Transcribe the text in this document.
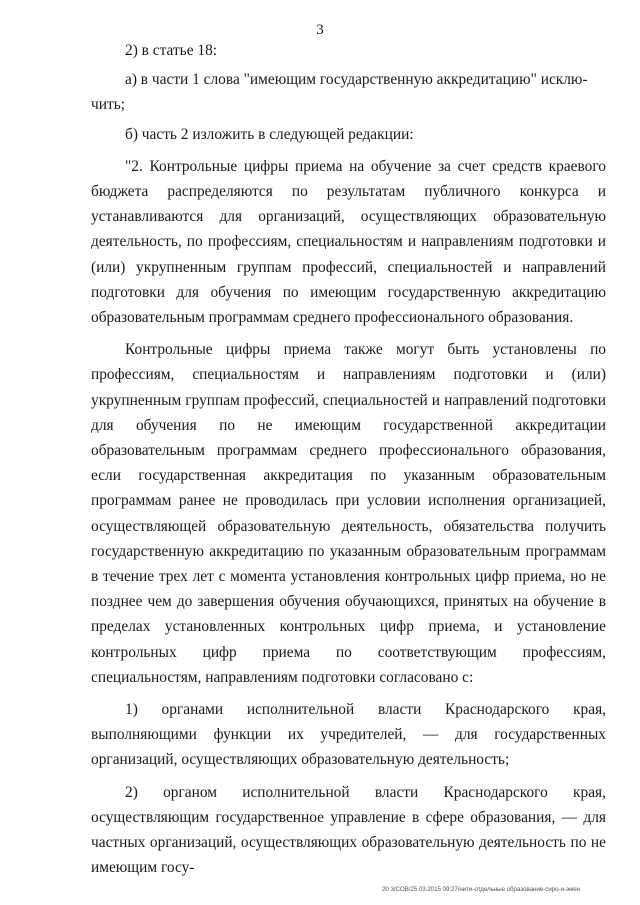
3

2) в статье 18:

а) в части 1 слова "имеющим государственную аккредитацию" исклю-

чить;

б) часть 2 изложить в следующей редакции:

"2. Контрольные цифры приема на обучение за счет средств краевого бюджета распределяются по результатам публичного конкурса и устанавливаются для организаций, осуществляющих образовательную деятельность, по профессиям, специальностям и направлениям подготовки и (или) укрупненным группам профессий, специальностей и направлений подготовки для обучения по имеющим государственную аккредитацию образовательным программам среднего профессионального образования.

Контрольные цифры приема также могут быть установлены по профессиям, специальностям и направлениям подготовки и (или) укрупненным группам профессий, специальностей и направлений подготовки для обучения по не имеющим государственной аккредитации образовательным программам среднего профессионального образования, если государственная аккредитация по указанным образовательным программам ранее не проводилась при условии исполнения организацией, осуществляющей образовательную деятельность, обязательства получить государственную аккредитацию по указанным образовательным программам в течение трех лет с момента установления контрольных цифр приема, но не позднее чем до завершения обучения обучающихся, принятых на обучение в пределах установленных контрольных цифр приема, и установление контрольных цифр приема по соответствующим профессиям, специальностям, направлениям подготовки согласовано с:

1) органами исполнительной власти Краснодарского края, выполняющими функции их учредителей, — для государственных организаций, осуществляющих образовательную деятельность;

2) органом исполнительной власти Краснодарского края, осуществляющим государственное управление в сфере образования, — для частных организаций, осуществляющих образовательную деятельность по не имеющим госу-

20 3/СОВ/25.03.2015 09:27/нити-отдельные образование-сиро-и-эмен
